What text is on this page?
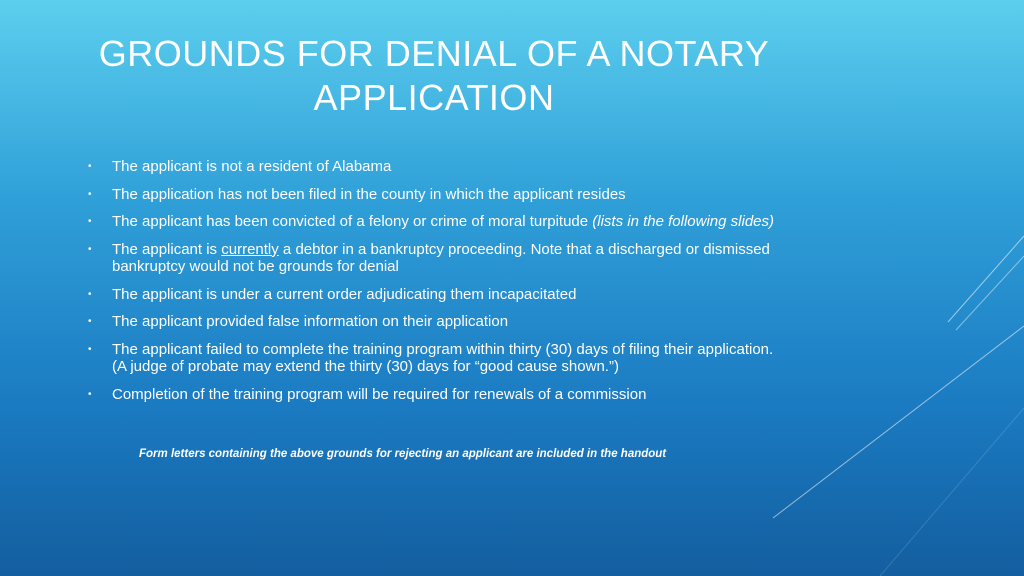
GROUNDS FOR DENIAL OF A NOTARY
APPLICATION
• The applicant is not a resident of Alabama
• The application has not been filed in the county in which the applicant resides
• The applicant has been convicted of a felony or crime of moral turpitude (lists in the following slides)
• The applicant is currently a debtor in a bankruptcy proceeding. Note that a discharged or dismissed bankruptcy would not be grounds for denial
• The applicant is under a current order adjudicating them incapacitated
• The applicant provided false information on their application
• The applicant failed to complete the training program within thirty (30) days of filing their application. (A judge of probate may extend the thirty (30) days for “good cause shown.”)
• Completion of the training program will be required for renewals of a commission

Form letters containing the above grounds for rejecting an applicant are included in the handout
